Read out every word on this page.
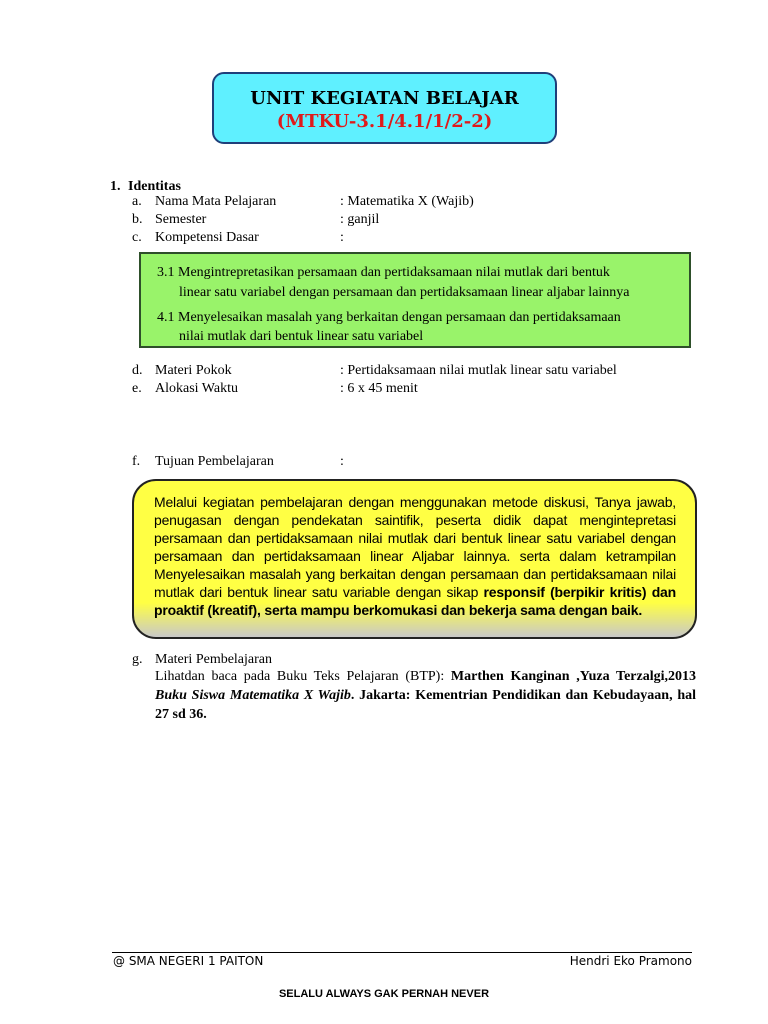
UNIT KEGIATAN BELAJAR
(MTKU-3.1/4.1/1/2-2)
1. Identitas
a. Nama Mata Pelajaran	: Matematika X (Wajib)
b. Semester	: ganjil
c. Kompetensi Dasar	:
3.1 Mengintrepretasikan persamaan dan pertidaksamaan nilai mutlak dari bentuk
linear satu variabel dengan persamaan dan pertidaksamaan linear aljabar lainnya
4.1 Menyelesaikan masalah yang berkaitan dengan persamaan dan pertidaksamaan
nilai mutlak dari bentuk linear satu variabel
d. Materi Pokok	: Pertidaksamaan nilai mutlak linear satu variabel
e. Alokasi Waktu	: 6 x 45 menit
f. Tujuan Pembelajaran	:
Melalui kegiatan pembelajaran dengan menggunakan metode diskusi, Tanya jawab, penugasan dengan pendekatan saintifik, peserta didik dapat mengintepretasi persamaan dan pertidaksamaan nilai mutlak dari bentuk linear satu variabel dengan persamaan dan pertidaksamaan linear Aljabar lainnya. serta dalam ketrampilan Menyelesaikan masalah yang berkaitan dengan persamaan dan pertidaksamaan nilai mutlak dari bentuk linear satu variable dengan sikap responsif (berpikir kritis) dan proaktif (kreatif), serta mampu berkomukasi dan bekerja sama dengan baik.
g. Materi Pembelajaran
Lihatdan baca pada Buku Teks Pelajaran (BTP): Marthen Kanginan ,Yuza Terzalgi,2013 Buku Siswa Matematika X Wajib. Jakarta: Kementrian Pendidikan dan Kebudayaan, hal 27 sd 36.
@ SMA NEGERI 1 PAITON	Hendri Eko Pramono
SELALU ALWAYS GAK PERNAH NEVER
